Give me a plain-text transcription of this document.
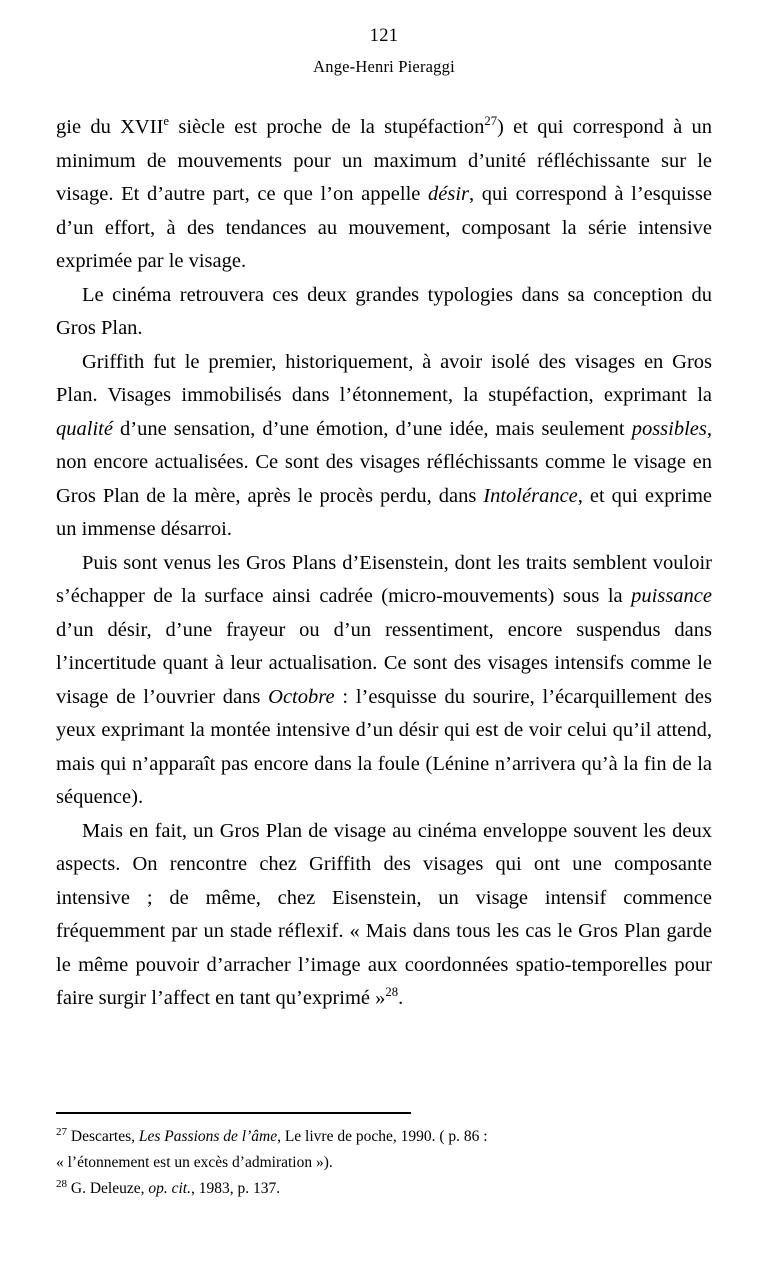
121
Ange-Henri Pieraggi

gie du XVIIe siècle est proche de la stupéfaction$^{27}$) et qui correspond à un minimum de mouvements pour un maximum d’unité réfléchissante sur le visage. Et d’autre part, ce que l’on appelle désir, qui correspond à l’esquisse d’un effort, à des tendances au mouvement, composant la série intensive exprimée par le visage.

Le cinéma retrouvera ces deux grandes typologies dans sa conception du Gros Plan.

Griffith fut le premier, historiquement, à avoir isolé des visages en Gros Plan. Visages immobilisés dans l’étonnement, la stupéfaction, exprimant la qualité d’une sensation, d’une émotion, d’une idée, mais seulement possibles, non encore actualisées. Ce sont des visages réfléchissants comme le visage en Gros Plan de la mère, après le procès perdu, dans Intolérance, et qui exprime un immense désarroi.

Puis sont venus les Gros Plans d’Eisenstein, dont les traits semblent vouloir s’échapper de la surface ainsi cadrée (micro-mouvements) sous la puissance d’un désir, d’une frayeur ou d’un ressentiment, encore suspendus dans l’incertitude quant à leur actualisation. Ce sont des visages intensifs comme le visage de l’ouvrier dans Octobre : l’esquisse du sourire, l’écarquillement des yeux exprimant la montée intensive d’un désir qui est de voir celui qu’il attend, mais qui n’apparaît pas encore dans la foule (Lénine n’arrivera qu’à la fin de la séquence).

Mais en fait, un Gros Plan de visage au cinéma enveloppe souvent les deux aspects. On rencontre chez Griffith des visages qui ont une composante intensive ; de même, chez Eisenstein, un visage intensif commence fréquemment par un stade réflexif. « Mais dans tous les cas le Gros Plan garde le même pouvoir d’arracher l’image aux coordonnées spatio-temporelles pour faire surgir l’affect en tant qu’exprimé »$^{28}$.

$^{27}$ Descartes, Les Passions de l’âme, Le livre de poche, 1990. ( p. 86 :

« l’étonnement est un excès d’admiration »).

$^{28}$ G. Deleuze, op. cit., 1983, p. 137.
